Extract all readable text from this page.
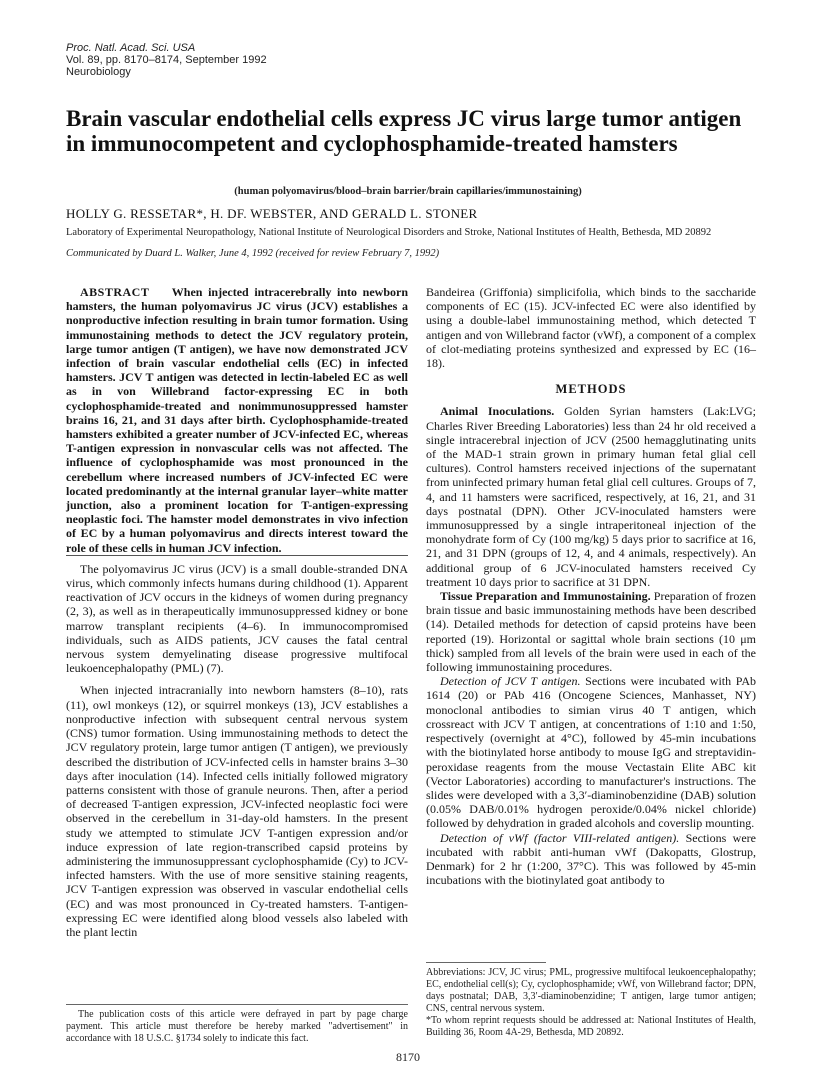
Proc. Natl. Acad. Sci. USA
Vol. 89, pp. 8170–8174, September 1992
Neurobiology
Brain vascular endothelial cells express JC virus large tumor antigen in immunocompetent and cyclophosphamide-treated hamsters
(human polyomavirus/blood–brain barrier/brain capillaries/immunostaining)
HOLLY G. RESSETAR*, H. DF. WEBSTER, AND GERALD L. STONER
Laboratory of Experimental Neuropathology, National Institute of Neurological Disorders and Stroke, National Institutes of Health, Bethesda, MD 20892
Communicated by Duard L. Walker, June 4, 1992 (received for review February 7, 1992)

ABSTRACT When injected intracerebrally into newborn hamsters, the human polyomavirus JC virus (JCV) establishes a nonproductive infection resulting in brain tumor formation. Using immunostaining methods to detect the JCV regulatory protein, large tumor antigen (T antigen), we have now demonstrated JCV infection of brain vascular endothelial cells (EC) in infected hamsters. JCV T antigen was detected in lectin-labeled EC as well as in von Willebrand factor-expressing EC in both cyclophosphamide-treated and nonimmunosuppressed hamster brains 16, 21, and 31 days after birth. Cyclophosphamide-treated hamsters exhibited a greater number of JCV-infected EC, whereas T-antigen expression in nonvascular cells was not affected. The influence of cyclophosphamide was most pronounced in the cerebellum where increased numbers of JCV-infected EC were located predominantly at the internal granular layer–white matter junction, also a prominent location for T-antigen-expressing neoplastic foci. The hamster model demonstrates in vivo infection of EC by a human polyomavirus and directs interest toward the role of these cells in human JCV infection.

The polyomavirus JC virus (JCV) is a small double-stranded DNA virus, which commonly infects humans during childhood (1). Apparent reactivation of JCV occurs in the kidneys of women during pregnancy (2, 3), as well as in therapeutically immunosuppressed kidney or bone marrow transplant recipients (4–6). In immunocompromised individuals, such as AIDS patients, JCV causes the fatal central nervous system demyelinating disease progressive multifocal leukoencephalopathy (PML) (7).

When injected intracranially into newborn hamsters (8–10), rats (11), owl monkeys (12), or squirrel monkeys (13), JCV establishes a nonproductive infection with subsequent central nervous system (CNS) tumor formation. Using immunostaining methods to detect the JCV regulatory protein, large tumor antigen (T antigen), we previously described the distribution of JCV-infected cells in hamster brains 3–30 days after inoculation (14). Infected cells initially followed migratory patterns consistent with those of granule neurons. Then, after a period of decreased T-antigen expression, JCV-infected neoplastic foci were observed in the cerebellum in 31-day-old hamsters. In the present study we attempted to stimulate JCV T-antigen expression and/or induce expression of late region-transcribed capsid proteins by administering the immunosuppressant cyclophosphamide (Cy) to JCV-infected hamsters. With the use of more sensitive staining reagents, JCV T-antigen expression was observed in vascular endothelial cells (EC) and was most pronounced in Cy-treated hamsters. T-antigen-expressing EC were identified along blood vessels also labeled with the plant lectin

Bandeirea (Griffonia) simplicifolia, which binds to the saccharide components of EC (15). JCV-infected EC were also identified by using a double-label immunostaining method, which detected T antigen and von Willebrand factor (vWf), a component of a complex of clot-mediating proteins synthesized and expressed by EC (16–18).

METHODS

Animal Inoculations. Golden Syrian hamsters (Lak:LVG; Charles River Breeding Laboratories) less than 24 hr old received a single intracerebral injection of JCV (2500 hemagglutinating units of the MAD-1 strain grown in primary human fetal glial cell cultures). Control hamsters received injections of the supernatant from uninfected primary human fetal glial cell cultures. Groups of 7, 4, and 11 hamsters were sacrificed, respectively, at 16, 21, and 31 days postnatal (DPN). Other JCV-inoculated hamsters were immunosuppressed by a single intraperitoneal injection of the monohydrate form of Cy (100 mg/kg) 5 days prior to sacrifice at 16, 21, and 31 DPN (groups of 12, 4, and 4 animals, respectively). An additional group of 6 JCV-inoculated hamsters received Cy treatment 10 days prior to sacrifice at 31 DPN.

Tissue Preparation and Immunostaining. Preparation of frozen brain tissue and basic immunostaining methods have been described (14). Detailed methods for detection of capsid proteins have been reported (19). Horizontal or sagittal whole brain sections (10 μm thick) sampled from all levels of the brain were used in each of the following immunostaining procedures.

Detection of JCV T antigen. Sections were incubated with PAb 1614 (20) or PAb 416 (Oncogene Sciences, Manhasset, NY) monoclonal antibodies to simian virus 40 T antigen, which crossreact with JCV T antigen, at concentrations of 1:10 and 1:50, respectively (overnight at 4°C), followed by 45-min incubations with the biotinylated horse antibody to mouse IgG and streptavidin-peroxidase reagents from the mouse Vectastain Elite ABC kit (Vector Laboratories) according to manufacturer's instructions. The slides were developed with a 3,3′-diaminobenzidine (DAB) solution (0.05% DAB/0.01% hydrogen peroxide/0.04% nickel chloride) followed by dehydration in graded alcohols and coverslip mounting.

Detection of vWf (factor VIII-related antigen). Sections were incubated with rabbit anti-human vWf (Dakopatts, Glostrup, Denmark) for 2 hr (1:200, 37°C). This was followed by 45-min incubations with the biotinylated goat antibody to

The publication costs of this article were defrayed in part by page charge payment. This article must therefore be hereby marked "advertisement" in accordance with 18 U.S.C. §1734 solely to indicate this fact.

Abbreviations: JCV, JC virus; PML, progressive multifocal leukoencephalopathy; EC, endothelial cell(s); Cy, cyclophosphamide; vWf, von Willebrand factor; DPN, days postnatal; DAB, 3,3′-diaminobenzidine; T antigen, large tumor antigen; CNS, central nervous system.

*To whom reprint requests should be addressed at: National Institutes of Health, Building 36, Room 4A-29, Bethesda, MD 20892.

8170
